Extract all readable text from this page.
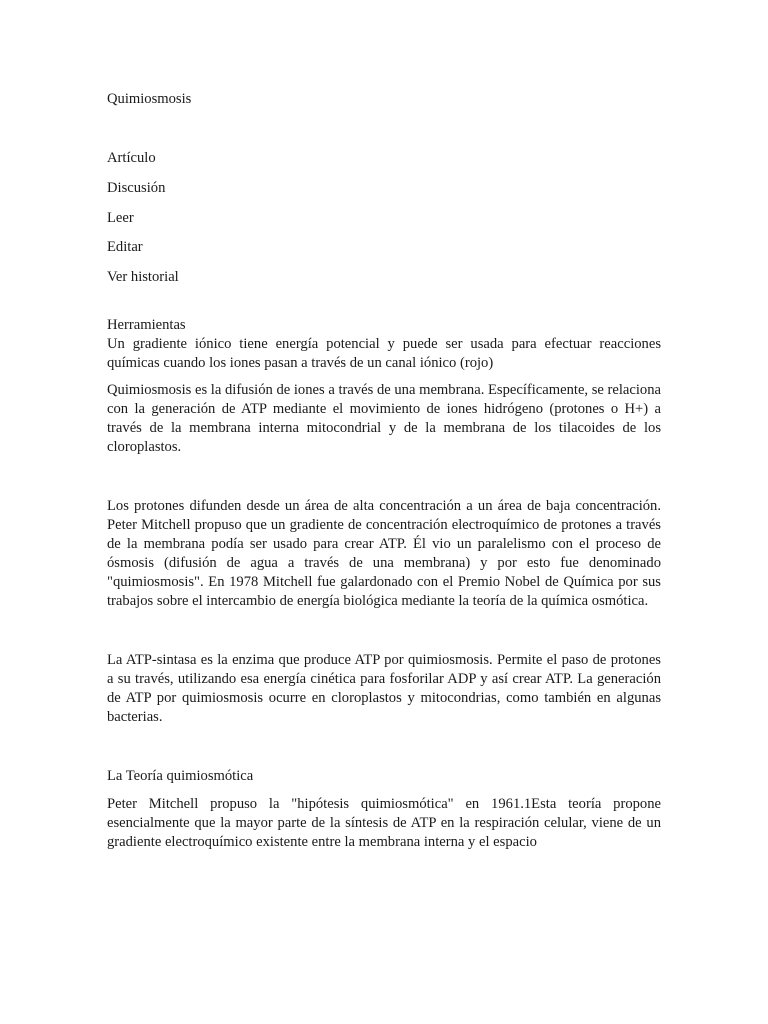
Quimiosmosis
Artículo
Discusión
Leer
Editar
Ver historial
Herramientas

Un gradiente iónico tiene energía potencial y puede ser usada para efectuar reacciones químicas cuando los iones pasan a través de un canal iónico (rojo)

Quimiosmosis es la difusión de iones a través de una membrana. Específicamente, se relaciona con la generación de ATP mediante el movimiento de iones hidrógeno (protones o H+) a través de la membrana interna mitocondrial y de la membrana de los tilacoides de los cloroplastos.

Los protones difunden desde un área de alta concentración a un área de baja concentración. Peter Mitchell propuso que un gradiente de concentración electroquímico de protones a través de la membrana podía ser usado para crear ATP. Él vio un paralelismo con el proceso de ósmosis (difusión de agua a través de una membrana) y por esto fue denominado "quimiosmosis". En 1978 Mitchell fue galardonado con el Premio Nobel de Química por sus trabajos sobre el intercambio de energía biológica mediante la teoría de la química osmótica.

La ATP-sintasa es la enzima que produce ATP por quimiosmosis. Permite el paso de protones a su través, utilizando esa energía cinética para fosforilar ADP y así crear ATP. La generación de ATP por quimiosmosis ocurre en cloroplastos y mitocondrias, como también en algunas bacterias.

La Teoría quimiosmótica

Peter Mitchell propuso la "hipótesis quimiosmótica" en 1961.1Esta teoría propone esencialmente que la mayor parte de la síntesis de ATP en la respiración celular, viene de un gradiente electroquímico existente entre la membrana interna y el espacio
